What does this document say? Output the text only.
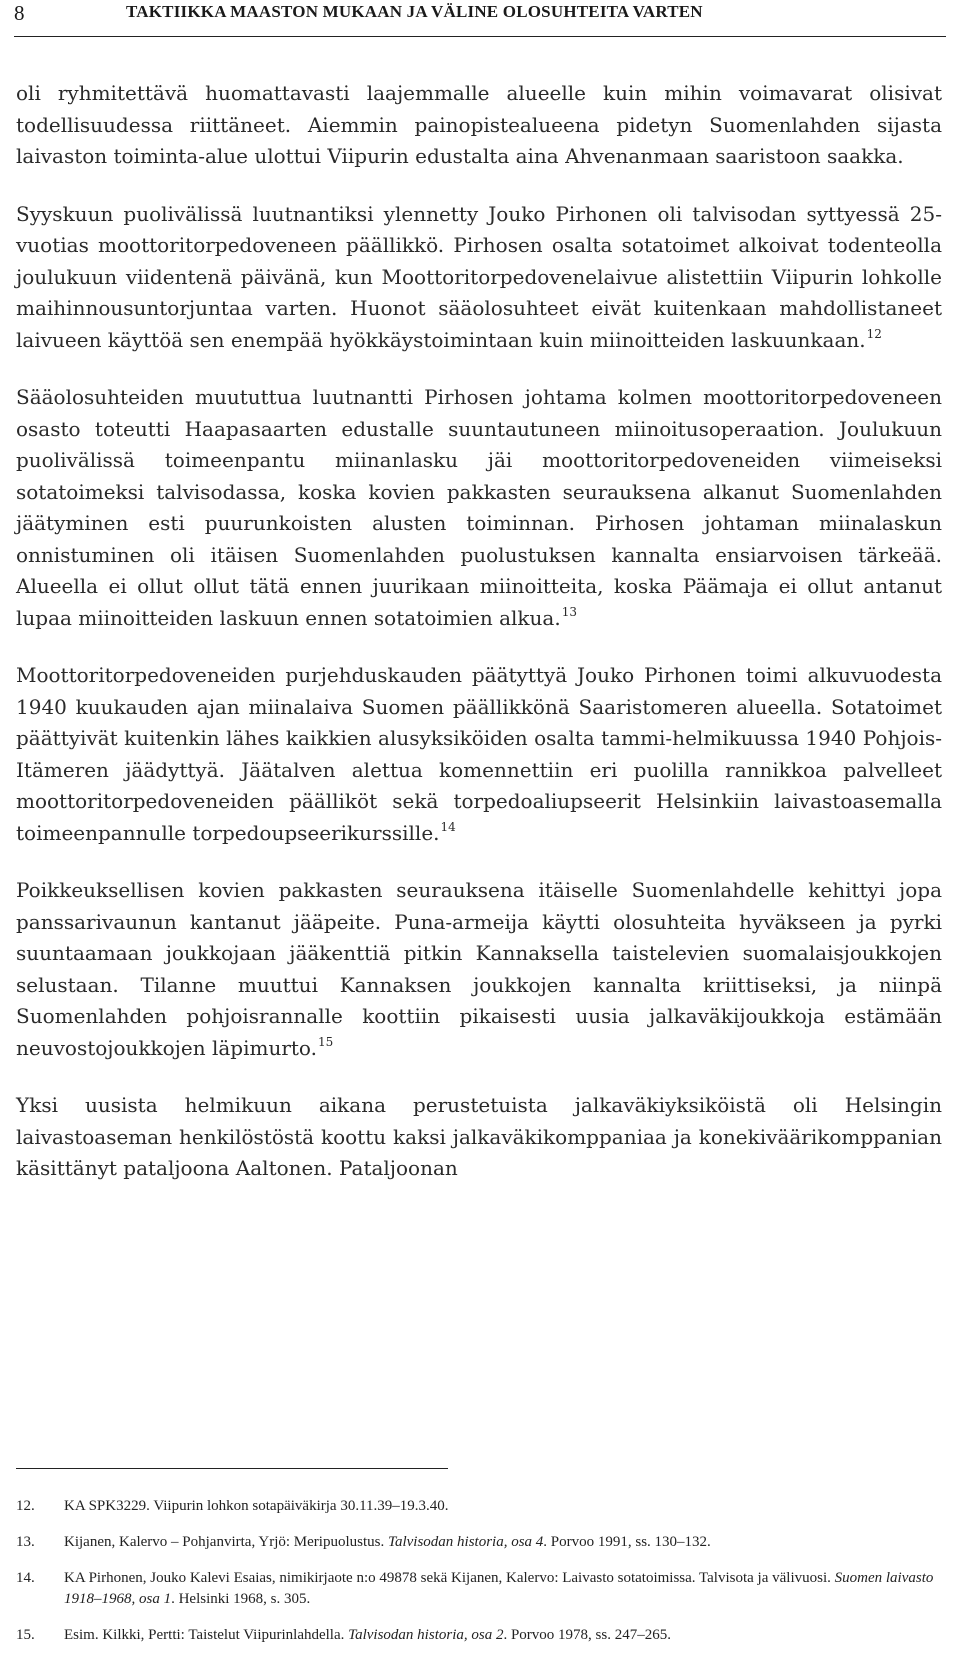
8	TAKTIIKKA MAASTON MUKAAN JA VÄLINE OLOSUHTEITA VARTEN

oli ryhmitettävä huomattavasti laajemmalle alueelle kuin mihin voimavarat olisivat todellisuudessa riittäneet. Aiemmin painopistealueena pidetyn Suomenlahden sijasta laivaston toiminta-alue ulottui Viipurin edustalta aina Ahvenanmaan saaristoon saakka.

Syyskuun puolivälissä luutnantiksi ylennetty Jouko Pirhonen oli talvisodan syttyessä 25-vuotias moottoritorpedoveneen päällikkö. Pirhosen osalta sotatoimet alkoivat todenteolla joulukuun viidentenä päivänä, kun Moottoritorpedovenelaivue alistettiin Viipurin lohkolle maihinnousuntorjuntaa varten. Huonot sääolosuhteet eivät kuitenkaan mahdollistaneet laivueen käyttöä sen enempää hyökkäystoimintaan kuin miinoitteiden laskuunkaan.$^{12}$

Sääolosuhteiden muututtua luutnantti Pirhosen johtama kolmen moottoritorpedoveneen osasto toteutti Haapasaarten edustalle suuntautuneen miinoitusoperaation. Joulukuun puolivälissä toimeenpantu miinanlasku jäi moottoritorpedoveneiden viimeiseksi sotatoimeksi talvisodassa, koska kovien pakkasten seurauksena alkanut Suomenlahden jäätyminen esti puurunkoisten alusten toiminnan. Pirhosen johtaman miinalaskun onnistuminen oli itäisen Suomenlahden puolustuksen kannalta ensiarvoisen tärkeää. Alueella ei ollut ollut tätä ennen juurikaan miinoitteita, koska Päämaja ei ollut antanut lupaa miinoitteiden laskuun ennen sotatoimien alkua.$^{13}$

Moottoritorpedoveneiden purjehduskauden päätyttyä Jouko Pirhonen toimi alkuvuodesta 1940 kuukauden ajan miinalaiva Suomen päällikkönä Saaristomeren alueella. Sotatoimet päättyivät kuitenkin lähes kaikkien alusyksiköiden osalta tammi-helmikuussa 1940 Pohjois-Itämeren jäädyttyä. Jäätalven alettua komennettiin eri puolilla rannikkoa palvelleet moottoritorpedoveneiden päälliköt sekä torpedoaliupseerit Helsinkiin laivastoasemalla toimeenpannulle torpedoupseerikurssille.$^{14}$

Poikkeuksellisen kovien pakkasten seurauksena itäiselle Suomenlahdelle kehittyi jopa panssarivaunun kantanut jääpeite. Puna-armeija käytti olosuhteita hyväkseen ja pyrki suuntaamaan joukkojaan jääkenttiä pitkin Kannaksella taistelevien suomalaisjoukkojen selustaan. Tilanne muuttui Kannaksen joukkojen kannalta kriittiseksi, ja niinpä Suomenlahden pohjoisrannalle koottiin pikaisesti uusia jalkaväkijoukkoja estämään neuvostojoukkojen läpimurto.$^{15}$

Yksi uusista helmikuun aikana perustetuista jalkaväkiyksiköistä oli Helsingin laivastoaseman henkilöstöstä koottu kaksi jalkaväkikomppaniaa ja konekiväärikomppanian käsittänyt pataljoona Aaltonen. Pataljoonan

12.	KA SPK3229. Viipurin lohkon sotapäiväkirja 30.11.39–19.3.40.
13.	Kijanen, Kalervo – Pohjanvirta, Yrjö: Meripuolustus. Talvisodan historia, osa 4. Porvoo 1991, ss. 130–132.
14.	KA Pirhonen, Jouko Kalevi Esaias, nimikirjaote n:o 49878 sekä Kijanen, Kalervo: Laivasto sotatoimissa. Talvisota ja välivuosi. Suomen laivasto 1918–1968, osa 1. Helsinki 1968, s. 305.
15.	Esim. Kilkki, Pertti: Taistelut Viipurinlahdella. Talvisodan historia, osa 2. Porvoo 1978, ss. 247–265.
